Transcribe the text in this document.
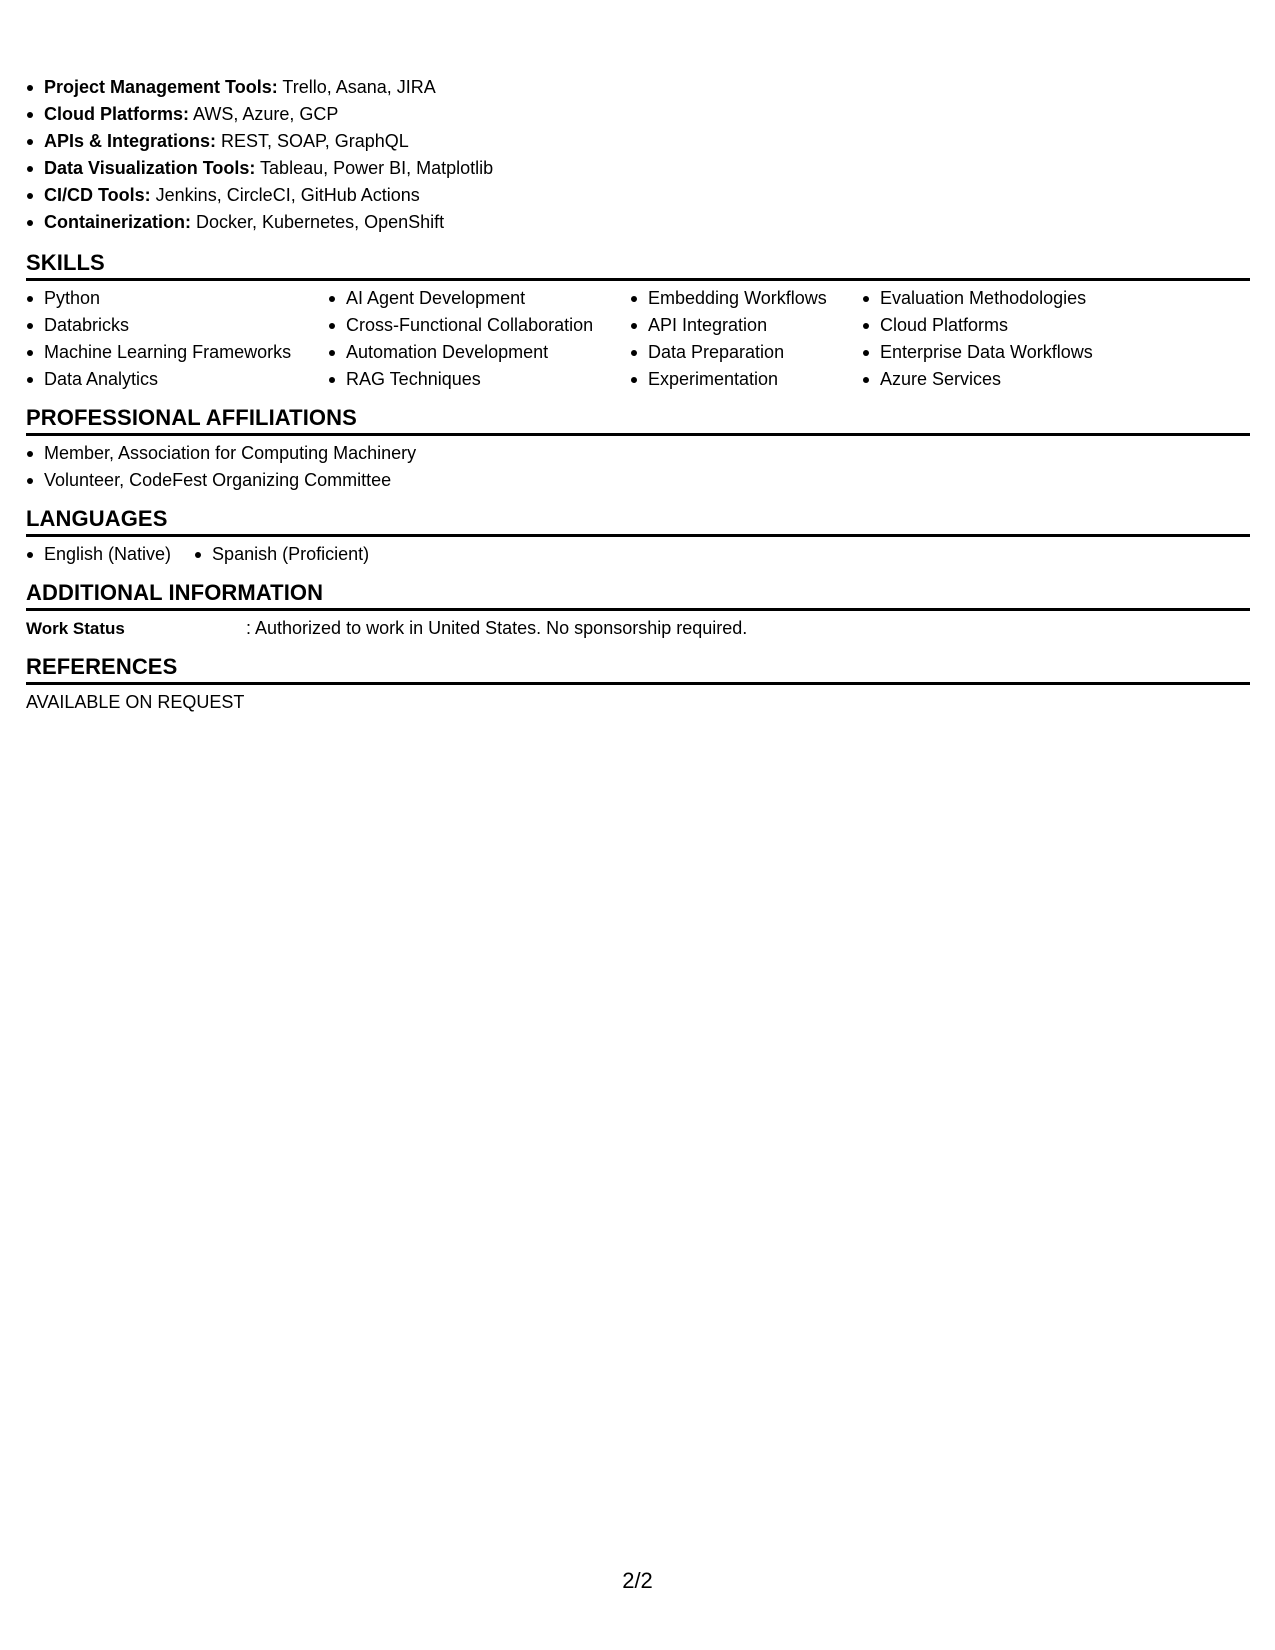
Project Management Tools: Trello, Asana, JIRA
Cloud Platforms: AWS, Azure, GCP
APIs & Integrations: REST, SOAP, GraphQL
Data Visualization Tools: Tableau, Power BI, Matplotlib
CI/CD Tools: Jenkins, CircleCI, GitHub Actions
Containerization: Docker, Kubernetes, OpenShift
SKILLS
Python
Databricks
Machine Learning Frameworks
Data Analytics
AI Agent Development
Cross-Functional Collaboration
Automation Development
RAG Techniques
Embedding Workflows
API Integration
Data Preparation
Experimentation
Evaluation Methodologies
Cloud Platforms
Enterprise Data Workflows
Azure Services
PROFESSIONAL AFFILIATIONS
Member, Association for Computing Machinery
Volunteer, CodeFest Organizing Committee
LANGUAGES
English (Native)	Spanish (Proficient)
ADDITIONAL INFORMATION
Work Status	: Authorized to work in United States. No sponsorship required.
REFERENCES
AVAILABLE ON REQUEST
2/2
